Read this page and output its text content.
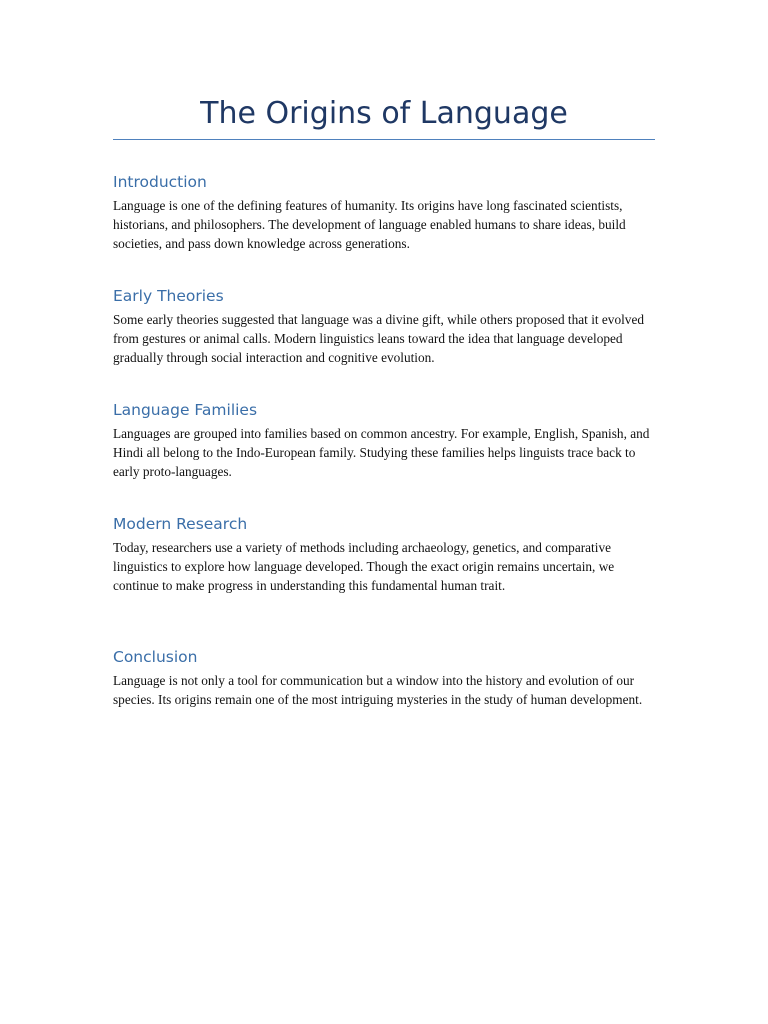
The Origins of Language
Introduction

Language is one of the defining features of humanity. Its origins have long fascinated scientists, historians, and philosophers. The development of language enabled humans to share ideas, build societies, and pass down knowledge across generations.

Early Theories

Some early theories suggested that language was a divine gift, while others proposed that it evolved from gestures or animal calls. Modern linguistics leans toward the idea that language developed gradually through social interaction and cognitive evolution.

Language Families

Languages are grouped into families based on common ancestry. For example, English, Spanish, and Hindi all belong to the Indo-European family. Studying these families helps linguists trace back to early proto-languages.

Modern Research

Today, researchers use a variety of methods including archaeology, genetics, and comparative linguistics to explore how language developed. Though the exact origin remains uncertain, we continue to make progress in understanding this fundamental human trait.

Conclusion

Language is not only a tool for communication but a window into the history and evolution of our species. Its origins remain one of the most intriguing mysteries in the study of human development.
